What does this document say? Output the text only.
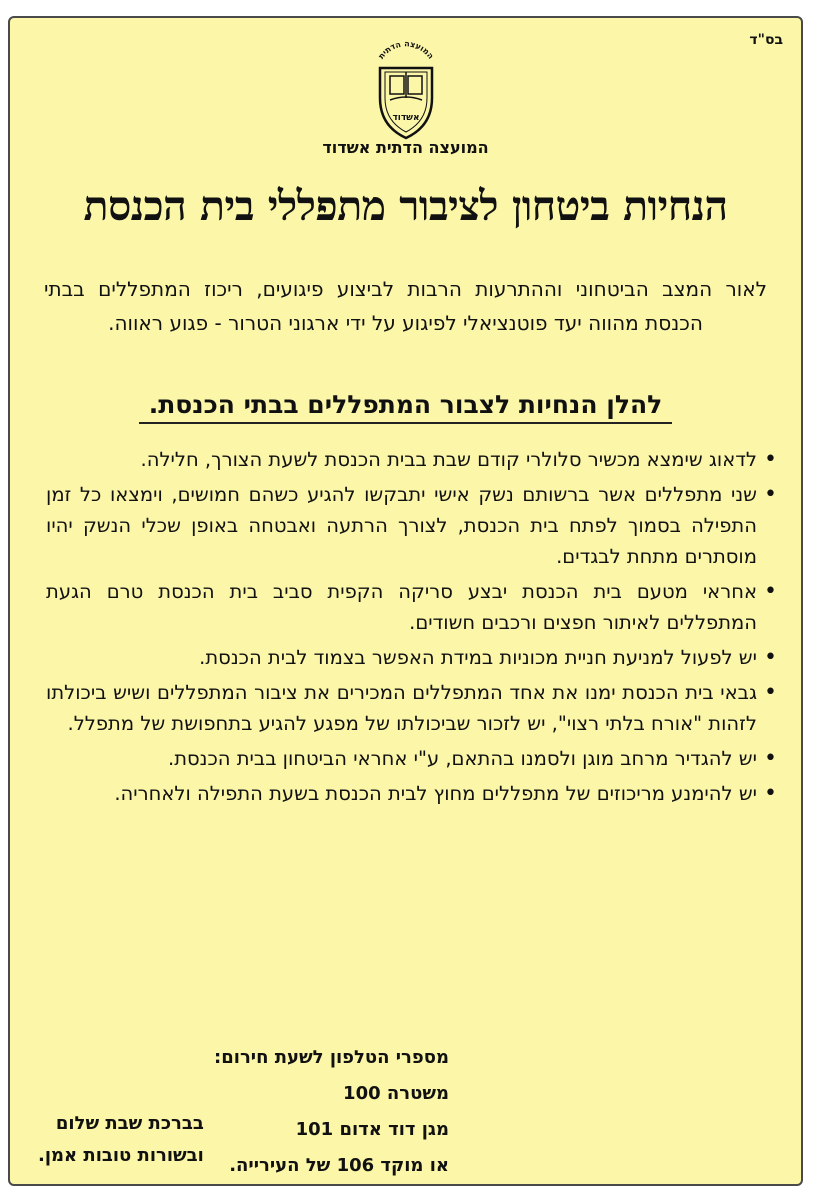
בס"ד
המועצה הדתית
אשדוד
המועצה הדתית אשדוד
הנחיות ביטחון לציבור מתפללי בית הכנסת
לאור המצב הביטחוני וההתרעות הרבות לביצוע פיגועים, ריכוז המתפללים בבתי הכנסת מהווה יעד פוטנציאלי לפיגוע על ידי ארגוני הטרור - פגוע ראווה.
להלן הנחיות לצבור המתפללים בבתי הכנסת.
• לדאוג שימצא מכשיר סלולרי קודם שבת בבית הכנסת לשעת הצורך, חלילה.
• שני מתפללים אשר ברשותם נשק אישי יתבקשו להגיע כשהם חמושים, וימצאו כל זמן התפילה בסמוך לפתח בית הכנסת, לצורך הרתעה ואבטחה באופן שכלי הנשק יהיו מוסתרים מתחת לבגדים.
• אחראי מטעם בית הכנסת יבצע סריקה הקפית סביב בית הכנסת טרם הגעת המתפללים לאיתור חפצים ורכבים חשודים.
• יש לפעול למניעת חניית מכוניות במידת האפשר בצמוד לבית הכנסת.
• גבאי בית הכנסת ימנו את אחד המתפללים המכירים את ציבור המתפללים ושיש ביכולתו לזהות "אורח בלתי רצוי", יש לזכור שביכולתו של מפגע להגיע בתחפושת של מתפלל.
• יש להגדיר מרחב מוגן ולסמנו בהתאם, ע"י אחראי הביטחון בבית הכנסת.
• יש להימנע מריכוזים של מתפללים מחוץ לבית הכנסת בשעת התפילה ולאחריה.
מספרי הטלפון לשעת חירום:
משטרה 100
מגן דוד אדום 101
או מוקד 106 של העירייה.
בברכת שבת שלום
ובשורות טובות אמן.
